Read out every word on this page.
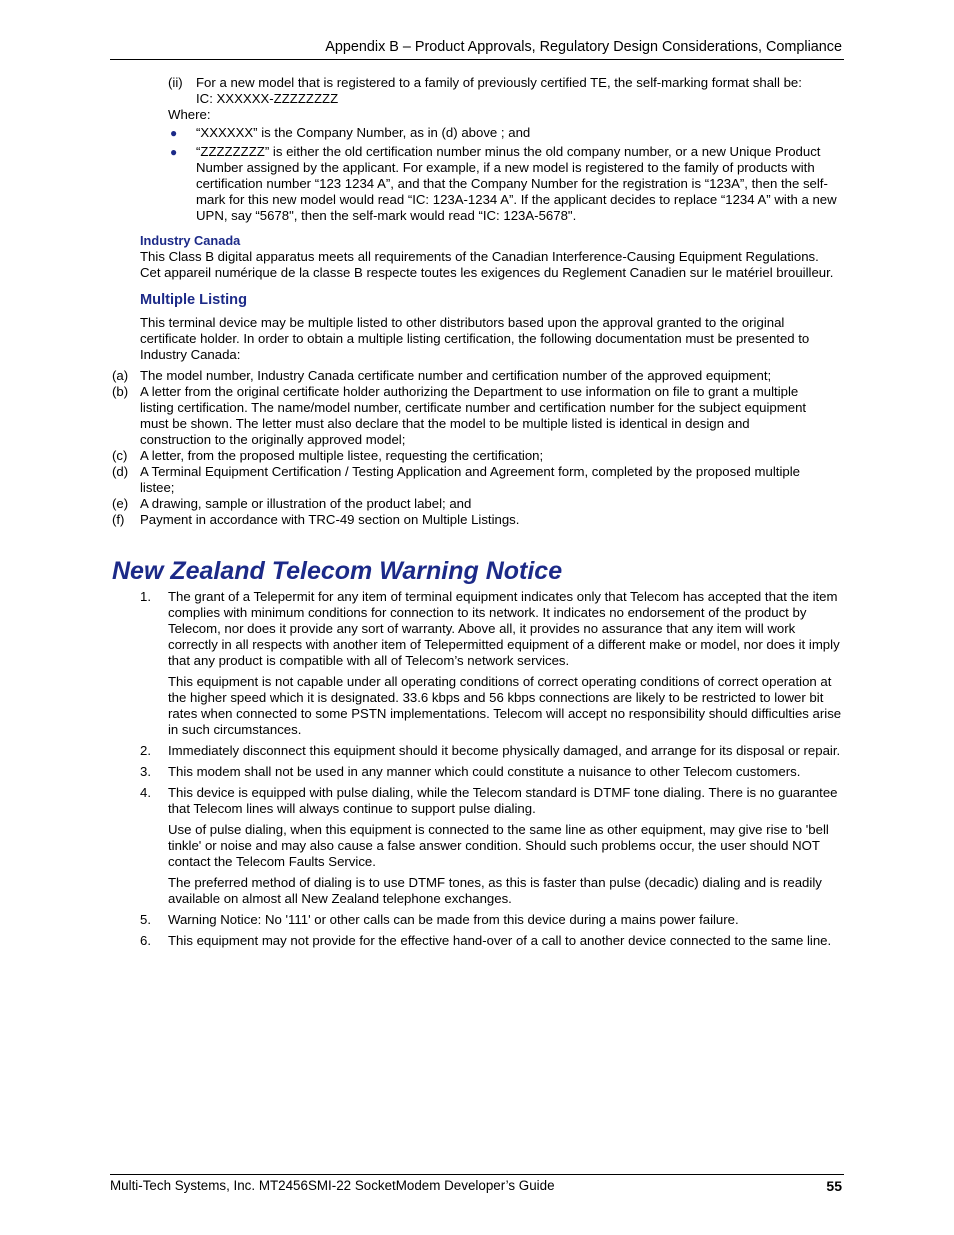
Appendix B – Product Approvals, Regulatory Design Considerations, Compliance
(ii) For a new model that is registered to a family of previously certified TE, the self-marking format shall be:

IC: XXXXXX-ZZZZZZZZ

Where:

● “XXXXXX” is the Company Number, as in (d) above ; and

● “ZZZZZZZZ” is either the old certification number minus the old company number, or a new Unique Product Number assigned by the applicant. For example, if a new model is registered to the family of products with certification number “123 1234 A”, and that the Company Number for the registration is “123A”, then the self-mark for this new model would read “IC: 123A-1234 A”. If the applicant decides to replace “1234 A” with a new UPN, say “5678", then the self-mark would read “IC: 123A-5678".

Industry Canada

This Class B digital apparatus meets all requirements of the Canadian Interference-Causing Equipment Regulations.

Cet appareil numérique de la classe B respecte toutes les exigences du Reglement Canadien sur le matériel brouilleur.

Multiple Listing

This terminal device may be multiple listed to other distributors based upon the approval granted to the original certificate holder. In order to obtain a multiple listing certification, the following documentation must be presented to Industry Canada:

(a) The model number, Industry Canada certificate number and certification number of the approved equipment;

(b) A letter from the original certificate holder authorizing the Department to use information on file to grant a multiple listing certification. The name/model number, certificate number and certification number for the subject equipment must be shown. The letter must also declare that the model to be multiple listed is identical in design and construction to the originally approved model;

(c) A letter, from the proposed multiple listee, requesting the certification;

(d) A Terminal Equipment Certification / Testing Application and Agreement form, completed by the proposed multiple listee;

(e) A drawing, sample or illustration of the product label; and

(f) Payment in accordance with TRC-49 section on Multiple Listings.

New Zealand Telecom Warning Notice
1. The grant of a Telepermit for any item of terminal equipment indicates only that Telecom has accepted that the item complies with minimum conditions for connection to its network. It indicates no endorsement of the product by Telecom, nor does it provide any sort of warranty. Above all, it provides no assurance that any item will work correctly in all respects with another item of Telepermitted equipment of a different make or model, nor does it imply that any product is compatible with all of Telecom’s network services.

This equipment is not capable under all operating conditions of correct operating conditions of correct operation at the higher speed which it is designated. 33.6 kbps and 56 kbps connections are likely to be restricted to lower bit rates when connected to some PSTN implementations. Telecom will accept no responsibility should difficulties arise in such circumstances.

2. Immediately disconnect this equipment should it become physically damaged, and arrange for its disposal or repair.

3. This modem shall not be used in any manner which could constitute a nuisance to other Telecom customers.

4. This device is equipped with pulse dialing, while the Telecom standard is DTMF tone dialing. There is no guarantee that Telecom lines will always continue to support pulse dialing.

Use of pulse dialing, when this equipment is connected to the same line as other equipment, may give rise to 'bell tinkle' or noise and may also cause a false answer condition. Should such problems occur, the user should NOT contact the Telecom Faults Service.

The preferred method of dialing is to use DTMF tones, as this is faster than pulse (decadic) dialing and is readily available on almost all New Zealand telephone exchanges.

5. Warning Notice: No '111' or other calls can be made from this device during a mains power failure.

6. This equipment may not provide for the effective hand-over of a call to another device connected to the same line.

Multi-Tech Systems, Inc. MT2456SMI-22 SocketModem Developer’s Guide	55
